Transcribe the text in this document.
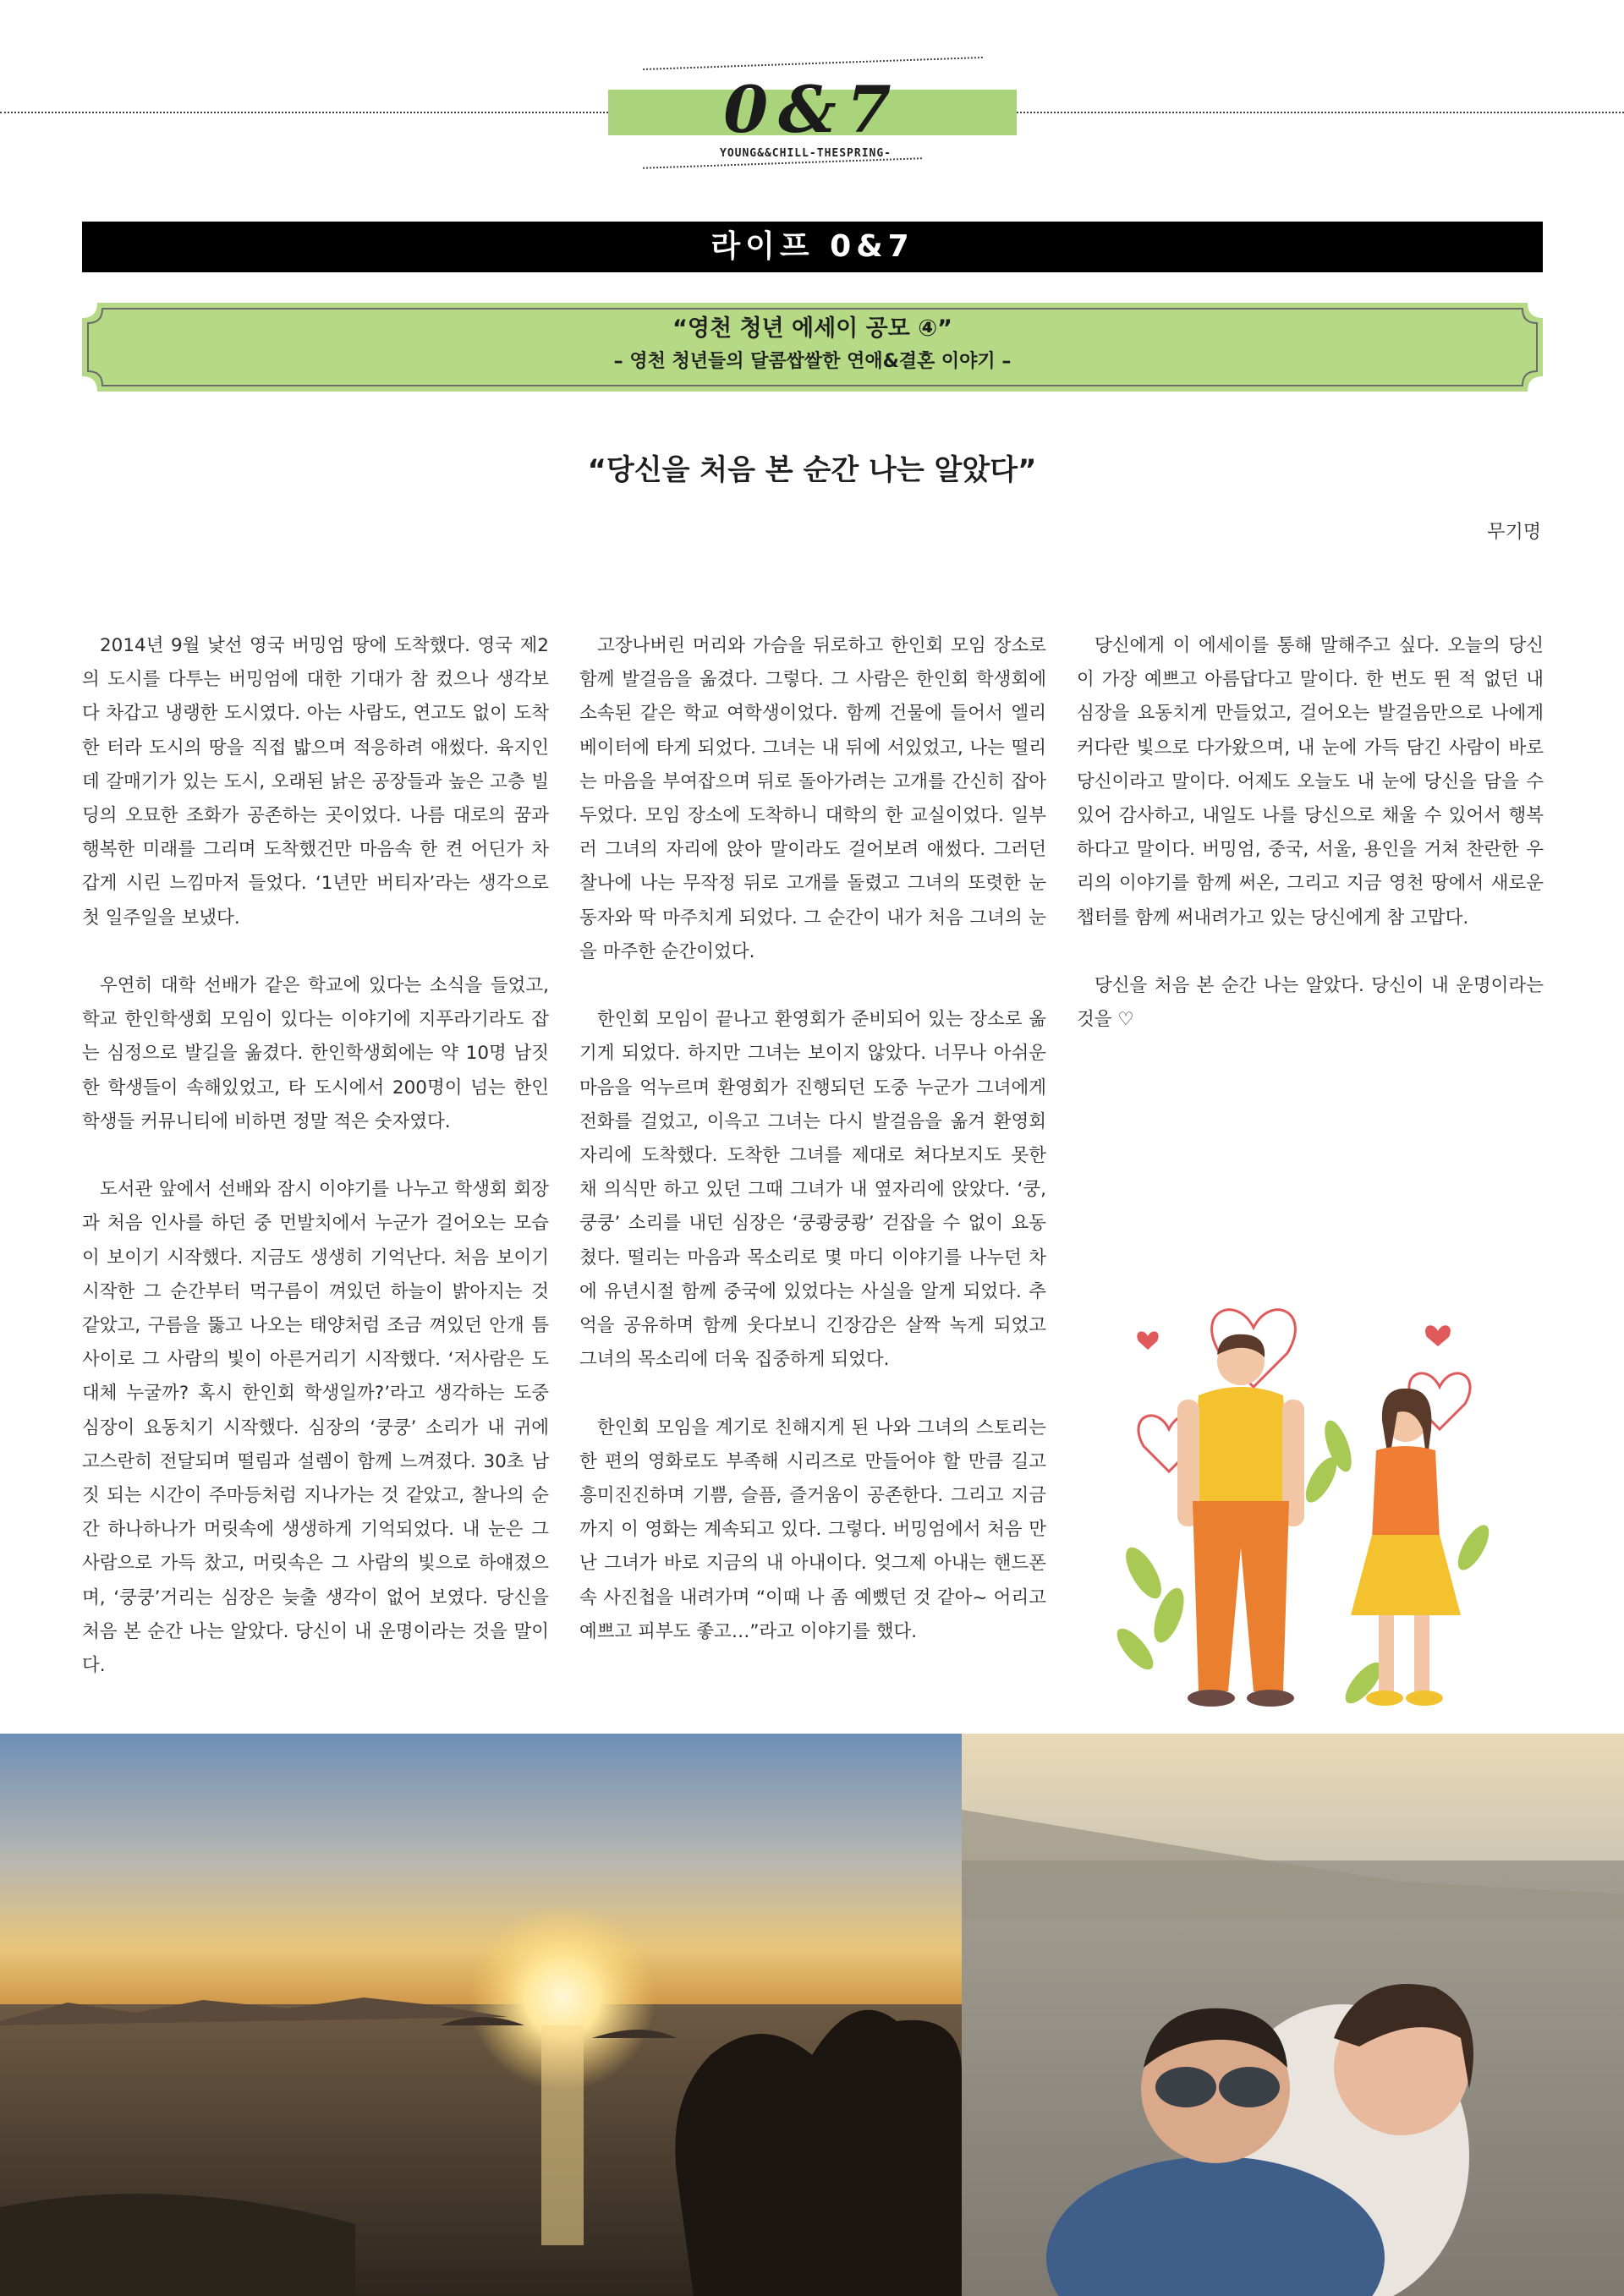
0&7
YOUNG&&CHILL-THESPRING-
라이프 0&7
“영천 청년 에세이 공모 ④”
– 영천 청년들의 달콤쌉쌀한 연애&결혼 이야기 –
“당신을 처음 본 순간 나는 알았다”
무기명

2014년 9월 낯선 영국 버밍엄 땅에 도착했다. 영국 제2의 도시를 다투는 버밍엄에 대한 기대가 참 컸으나 생각보다 차갑고 냉랭한 도시였다. 아는 사람도, 연고도 없이 도착한 터라 도시의 땅을 직접 밟으며 적응하려 애썼다. 육지인데 갈매기가 있는 도시, 오래된 낡은 공장들과 높은 고층 빌딩의 오묘한 조화가 공존하는 곳이었다. 나름 대로의 꿈과 행복한 미래를 그리며 도착했건만 마음속 한 켠 어딘가 차갑게 시린 느낌마저 들었다. ‘1년만 버티자’라는 생각으로 첫 일주일을 보냈다.

우연히 대학 선배가 같은 학교에 있다는 소식을 들었고, 학교 한인학생회 모임이 있다는 이야기에 지푸라기라도 잡는 심정으로 발길을 옮겼다. 한인학생회에는 약 10명 남짓한 학생들이 속해있었고, 타 도시에서 200명이 넘는 한인 학생들 커뮤니티에 비하면 정말 적은 숫자였다.

도서관 앞에서 선배와 잠시 이야기를 나누고 학생회 회장과 처음 인사를 하던 중 먼발치에서 누군가 걸어오는 모습이 보이기 시작했다. 지금도 생생히 기억난다. 처음 보이기 시작한 그 순간부터 먹구름이 껴있던 하늘이 밝아지는 것 같았고, 구름을 뚫고 나오는 태양처럼 조금 껴있던 안개 틈 사이로 그 사람의 빛이 아른거리기 시작했다. ‘저사람은 도대체 누굴까? 혹시 한인회 학생일까?’라고 생각하는 도중 심장이 요동치기 시작했다. 심장의 ‘쿵쿵’ 소리가 내 귀에 고스란히 전달되며 떨림과 설렘이 함께 느껴졌다. 30초 남짓 되는 시간이 주마등처럼 지나가는 것 같았고, 찰나의 순간 하나하나가 머릿속에 생생하게 기억되었다. 내 눈은 그 사람으로 가득 찼고, 머릿속은 그 사람의 빛으로 하얘졌으며, ‘쿵쿵’거리는 심장은 늦출 생각이 없어 보였다. 당신을 처음 본 순간 나는 알았다. 당신이 내 운명이라는 것을 말이다.

고장나버린 머리와 가슴을 뒤로하고 한인회 모임 장소로 함께 발걸음을 옮겼다. 그렇다. 그 사람은 한인회 학생회에 소속된 같은 학교 여학생이었다. 함께 건물에 들어서 엘리베이터에 타게 되었다. 그녀는 내 뒤에 서있었고, 나는 떨리는 마음을 부여잡으며 뒤로 돌아가려는 고개를 간신히 잡아두었다. 모임 장소에 도착하니 대학의 한 교실이었다. 일부러 그녀의 자리에 앉아 말이라도 걸어보려 애썼다. 그러던 찰나에 나는 무작정 뒤로 고개를 돌렸고 그녀의 또렷한 눈동자와 딱 마주치게 되었다. 그 순간이 내가 처음 그녀의 눈을 마주한 순간이었다.

한인회 모임이 끝나고 환영회가 준비되어 있는 장소로 옮기게 되었다. 하지만 그녀는 보이지 않았다. 너무나 아쉬운 마음을 억누르며 환영회가 진행되던 도중 누군가 그녀에게 전화를 걸었고, 이윽고 그녀는 다시 발걸음을 옮겨 환영회 자리에 도착했다. 도착한 그녀를 제대로 쳐다보지도 못한 채 의식만 하고 있던 그때 그녀가 내 옆자리에 앉았다. ‘쿵, 쿵쿵’ 소리를 내던 심장은 ‘쿵쾅쿵쾅’ 걷잡을 수 없이 요동쳤다. 떨리는 마음과 목소리로 몇 마디 이야기를 나누던 차에 유년시절 함께 중국에 있었다는 사실을 알게 되었다. 추억을 공유하며 함께 웃다보니 긴장감은 살짝 녹게 되었고 그녀의 목소리에 더욱 집중하게 되었다.

한인회 모임을 계기로 친해지게 된 나와 그녀의 스토리는 한 편의 영화로도 부족해 시리즈로 만들어야 할 만큼 길고 흥미진진하며 기쁨, 슬픔, 즐거움이 공존한다. 그리고 지금까지 이 영화는 계속되고 있다. 그렇다. 버밍엄에서 처음 만난 그녀가 바로 지금의 내 아내이다. 엊그제 아내는 핸드폰 속 사진첩을 내려가며 “이때 나 좀 예뻤던 것 같아~ 어리고 예쁘고 피부도 좋고…”라고 이야기를 했다.

당신에게 이 에세이를 통해 말해주고 싶다. 오늘의 당신이 가장 예쁘고 아름답다고 말이다. 한 번도 뛴 적 없던 내 심장을 요동치게 만들었고, 걸어오는 발걸음만으로 나에게 커다란 빛으로 다가왔으며, 내 눈에 가득 담긴 사람이 바로 당신이라고 말이다. 어제도 오늘도 내 눈에 당신을 담을 수 있어 감사하고, 내일도 나를 당신으로 채울 수 있어서 행복하다고 말이다. 버밍엄, 중국, 서울, 용인을 거쳐 찬란한 우리의 이야기를 함께 써온, 그리고 지금 영천 땅에서 새로운 챕터를 함께 써내려가고 있는 당신에게 참 고맙다.

당신을 처음 본 순간 나는 알았다. 당신이 내 운명이라는 것을 ♡
